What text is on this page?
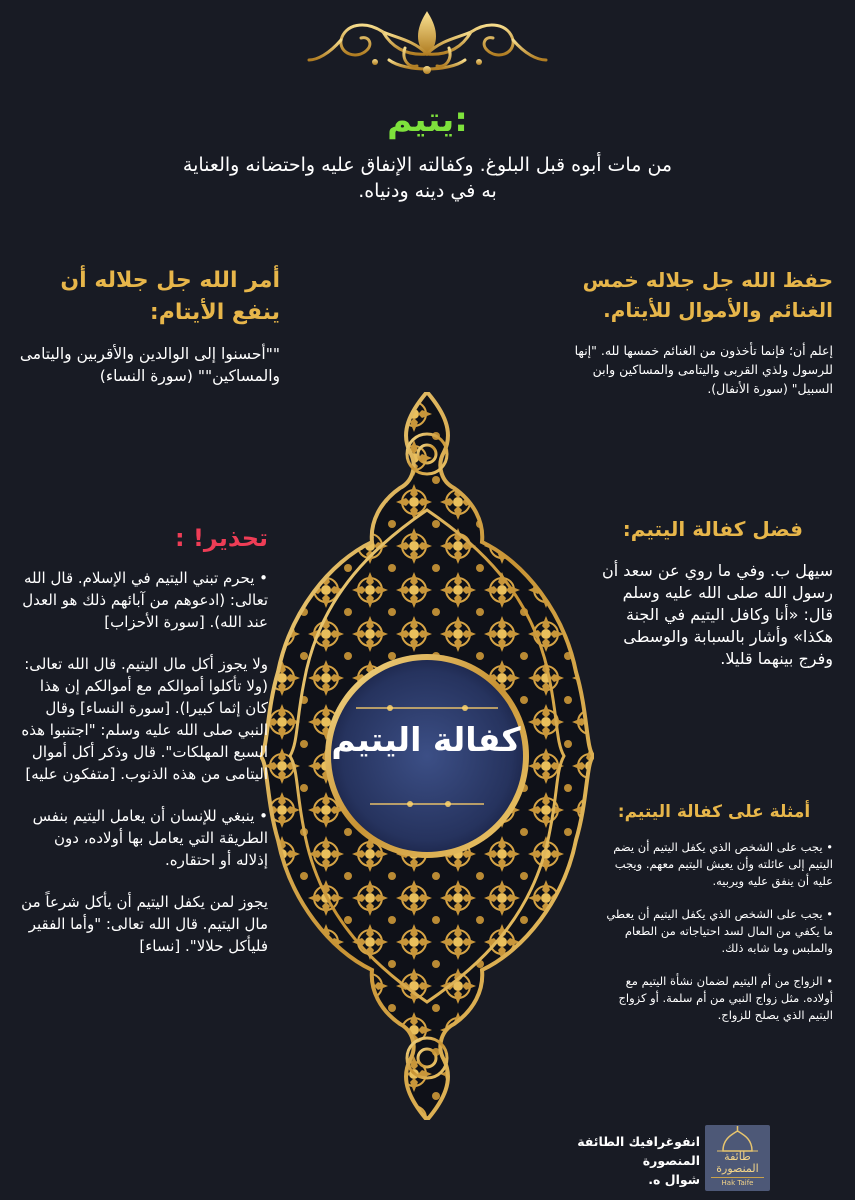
يتيم:
من مات أبوه قبل البلوغ. وكفالته الإنفاق عليه واحتضانه والعناية به في دينه ودنياه.
حفظ الله جل جلاله خمس الغنائم والأموال للأيتام.
إعلم أن؛ فإنما تأخذون من الغنائم خمسها لله. "إنها للرسول ولذي القربى واليتامى والمساكين وابن السبيل" (سورة الأنفال).
أمر الله جل جلاله أن ينفع الأيتام:
""أحسنوا إلى الوالدين والأقربين واليتامى والمساكين"" (سورة النساء)
كفالة اليتيم
فضل كفالة اليتيم:
سيهل ب. وفي ما روي عن سعد أن رسول الله صلى الله عليه وسلم قال: «أنا وكافل اليتيم في الجنة هكذا» وأشار بالسبابة والوسطى وفرج بينهما قليلا.
تحذير! :

• يحرم تبني اليتيم في الإسلام. قال الله تعالى: (ادعوهم من آبائهم ذلك هو العدل عند الله). [سورة الأحزاب]

ولا يجوز أكل مال اليتيم. قال الله تعالى: (ولا تأكلوا أموالكم مع أموالكم إن هذا كان إثما كبيرا). [سورة النساء] وقال النبي صلى الله عليه وسلم: "اجتنبوا هذه السبع المهلكات". قال وذكر أكل أموال اليتامى من هذه الذنوب. [متفكون عليه]

• ينبغي للإنسان أن يعامل اليتيم بنفس الطريقة التي يعامل بها أولاده، دون إذلاله أو احتقاره.

يجوز لمن يكفل اليتيم أن يأكل شرعاً من مال اليتيم. قال الله تعالى: "وأما الفقير فليأكل حلالا". [نساء]

أمثلة على كفالة اليتيم:

• يجب على الشخص الذي يكفل اليتيم أن يضم اليتيم إلى عائلته وأن يعيش اليتيم معهم. ويجب عليه أن ينفق عليه ويربيه.

• يجب على الشخص الذي يكفل اليتيم أن يعطي ما يكفي من المال لسد احتياجاته من الطعام والملبس وما شابه ذلك.

• الزواج من أم اليتيم لضمان نشأة اليتيم مع أولاده. مثل زواج النبي من أم سلمة. أو كزواج اليتيم الذي يصلح للزواج.

انفوغرافيك الطائفة المنصورة
شوال ه.
طائفة المنصورة
Hak Taife
